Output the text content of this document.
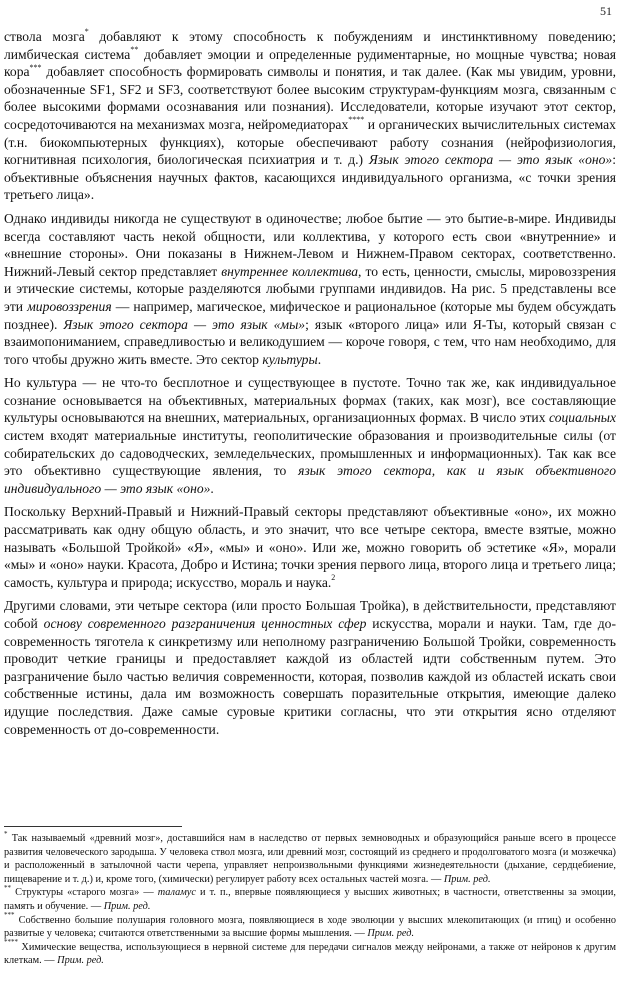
51

ствола мозга* добавляют к этому способность к побуждениям и инстинктивному поведению; лимбическая система** добавляет эмоции и определенные рудиментарные, но мощные чувства; новая кора*** добавляет способность формировать символы и понятия, и так далее. (Как мы увидим, уровни, обозначенные SF1, SF2 и SF3, соответствуют более высоким структурам-функциям мозга, связанным с более высокими формами осознавания или познания). Исследователи, которые изучают этот сектор, сосредоточиваются на механизмах мозга, нейромедиаторах**** и органических вычислительных системах (т.н. биокомпьютерных функциях), которые обеспечивают работу сознания (нейрофизиология, когнитивная психология, биологическая психиатрия и т. д.) Язык этого сектора — это язык «оно»: объективные объяснения научных фактов, касающихся индивидуального организма, «с точки зрения третьего лица».

Однако индивиды никогда не существуют в одиночестве; любое бытие — это бытие-в-мире. Индивиды всегда составляют часть некой общности, или коллектива, у которого есть свои «внутренние» и «внешние стороны». Они показаны в Нижнем-Левом и Нижнем-Правом секторах, соответственно. Нижний-Левый сектор представляет внутреннее коллектива, то есть, ценности, смыслы, мировоззрения и этические системы, которые разделяются любыми группами индивидов. На рис. 5 представлены все эти мировоззрения — например, магическое, мифическое и рациональное (которые мы будем обсуждать позднее). Язык этого сектора — это язык «мы»; язык «второго лица» или Я-Ты, который связан с взаимопониманием, справедливостью и великодушием — короче говоря, с тем, что нам необходимо, для того чтобы дружно жить вместе. Это сектор культуры.

Но культура — не что-то бесплотное и существующее в пустоте. Точно так же, как индивидуальное сознание основывается на объективных, материальных формах (таких, как мозг), все составляющие культуры основываются на внешних, материальных, организационных формах. В число этих социальных систем входят материальные институты, геополитические образования и производительные силы (от собирательских до садоводческих, земледельческих, промышленных и информационных). Так как все это объективно существующие явления, то язык этого сектора, как и язык объективного индивидуального — это язык «оно».

Поскольку Верхний-Правый и Нижний-Правый секторы представляют объективные «оно», их можно рассматривать как одну общую область, и это значит, что все четыре сектора, вместе взятые, можно называть «Большой Тройкой» «Я», «мы» и «оно». Или же, можно говорить об эстетике «Я», морали «мы» и «оно» науки. Красота, Добро и Истина; точки зрения первого лица, второго лица и третьего лица; самость, культура и природа; искусство, мораль и наука.$^2$

Другими словами, эти четыре сектора (или просто Большая Тройка), в действительности, представляют собой основу современного разграничения ценностных сфер искусства, морали и науки. Там, где до-современность тяготела к синкретизму или неполному разграничению Большой Тройки, современность проводит четкие границы и предоставляет каждой из областей идти собственным путем. Это разграничение было частью величия современности, которая, позволив каждой из областей искать свои собственные истины, дала им возможность совершать поразительные открытия, имеющие далеко идущие последствия. Даже самые суровые критики согласны, что эти открытия ясно отделяют современность от до-современности.

* Так называемый «древний мозг», доставшийся нам в наследство от первых земноводных и образующийся раньше всего в процессе развития человеческого зародыша. У человека ствол мозга, или древний мозг, состоящий из среднего и продолговатого мозга (и мозжечка) и расположенный в затылочной части черепа, управляет непроизвольными функциями жизнедеятельности (дыхание, сердцебиение, пищеварение и т. д.) и, кроме того, (химически) регулирует работу всех остальных частей мозга. — Прим. ред.

** Структуры «старого мозга» — таламус и т. п., впервые появляющиеся у высших животных; в частности, ответственны за эмоции, память и обучение. — Прим. ред.

*** Собственно большие полушария головного мозга, появляющиеся в ходе эволюции у высших млекопитающих (и птиц) и особенно развитые у человека; считаются ответственными за высшие формы мышления. — Прим. ред.

**** Химические вещества, использующиеся в нервной системе для передачи сигналов между нейронами, а также от нейронов к другим клеткам. — Прим. ред.
